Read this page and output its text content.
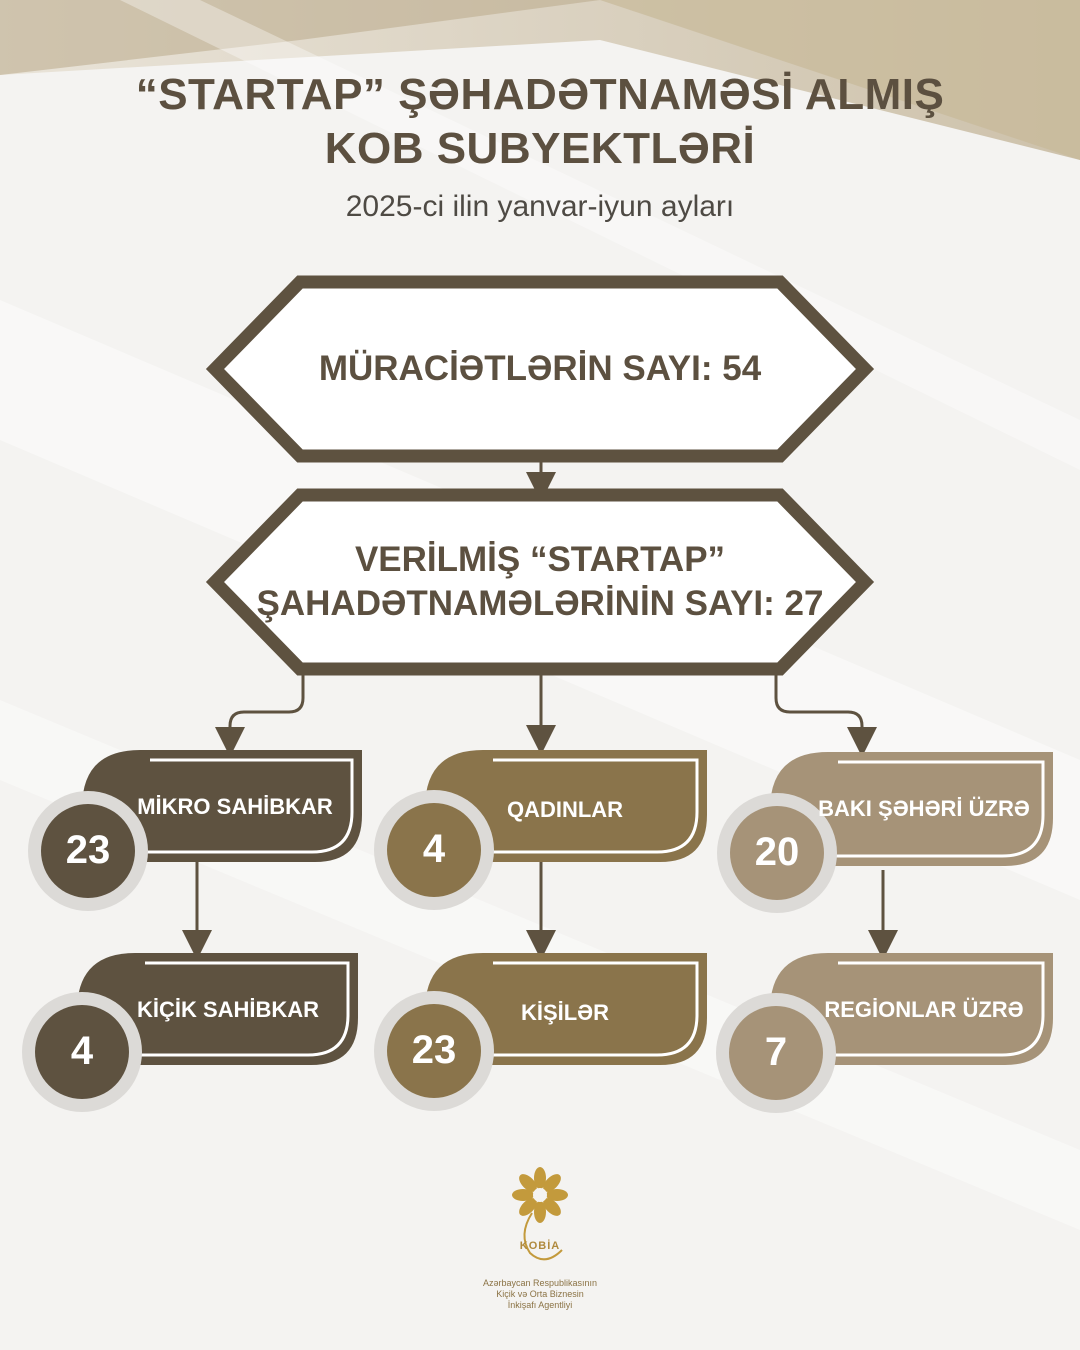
“STARTAP” ŞƏHADƏTNAMƏSİ ALMIŞ
KOB SUBYEKTLƏRİ
2025-ci ilin yanvar-iyun ayları
MÜRACİƏTLƏRİN SAYI: 54
VERİLMİŞ “STARTAP”
ŞAHADƏTNAMƏLƏRİNİN SAYI: 27
MİKRO SAHİBKAR
23
KİÇİK SAHİBKAR
4
QADINLAR
4
KİŞİLƏR
23
BAKI ŞƏHƏRİ ÜZRƏ
20
REGİONLAR ÜZRƏ
7
KOBİA
Azərbaycan Respublikasının
Kiçik və Orta Biznesin
İnkişafı Agentliyi
